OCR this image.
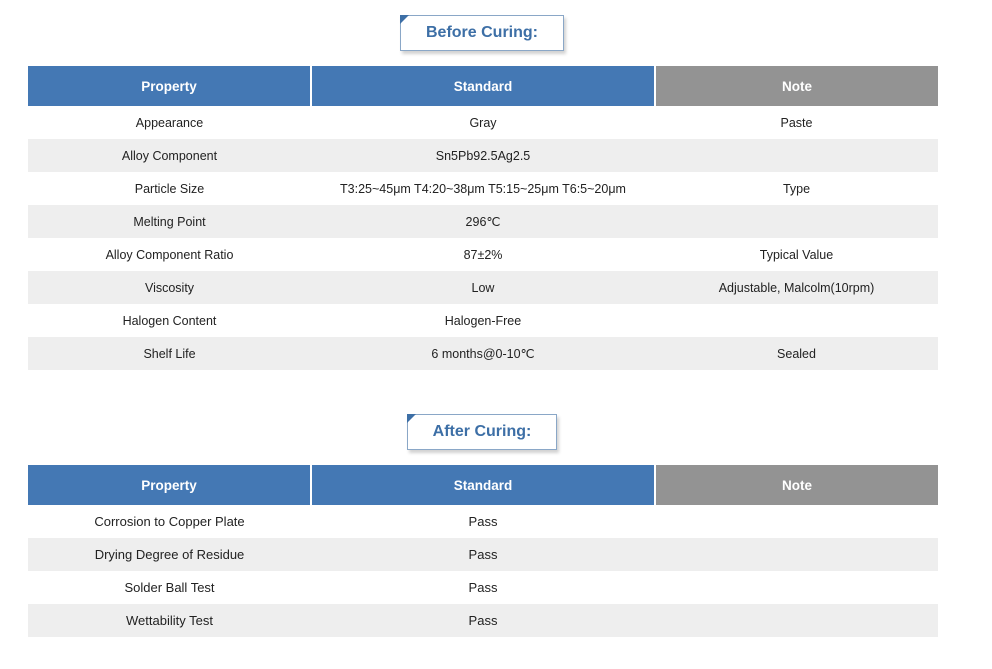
Before Curing:
Property	Standard	Note
Appearance	Gray	Paste
Alloy Component	Sn5Pb92.5Ag2.5	
Particle Size	T3:25~45μm T4:20~38μm T5:15~25μm T6:5~20μm	Type
Melting Point	296℃	
Alloy Component Ratio	87±2%	Typical Value
Viscosity	Low	Adjustable, Malcolm(10rpm)
Halogen Content	Halogen-Free	
Shelf Life	6 months@0-10℃	Sealed
After Curing:
Property	Standard	Note
Corrosion to Copper Plate	Pass	
Drying Degree of Residue	Pass	
Solder Ball Test	Pass	
Wettability Test	Pass	
